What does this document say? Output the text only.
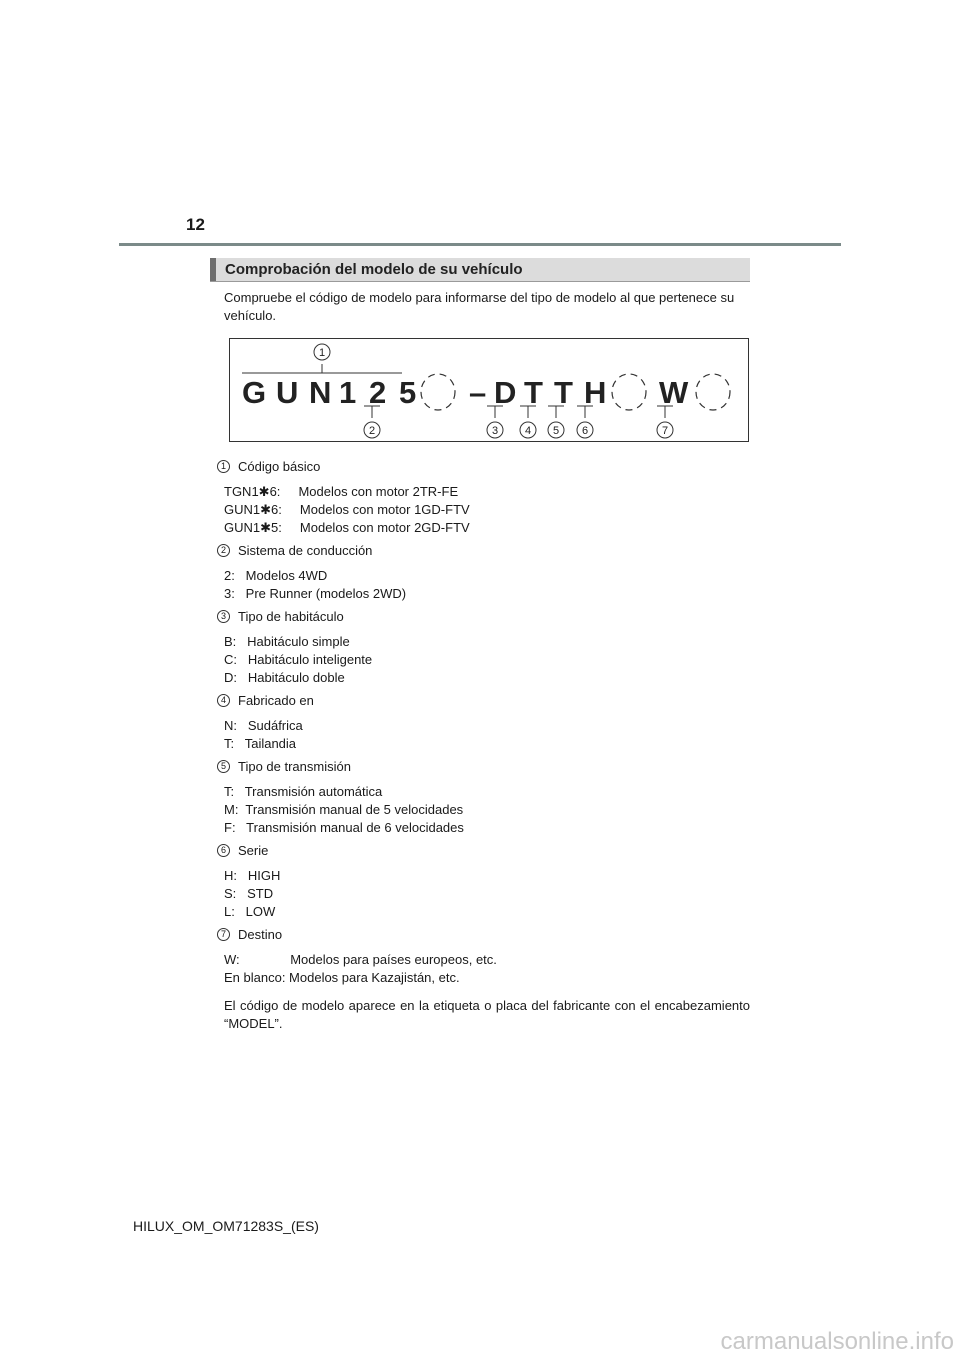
12
Comprobación del modelo de su vehículo
Compruebe el código de modelo para informarse del tipo de modelo al que pertenece su vehículo.
G U N 1 2 5 – D T T H W
1
2	3 4 5 6	7
1 Código básico
TGN1✱6:     Modelos con motor 2TR-FE
GUN1✱6:     Modelos con motor 1GD-FTV
GUN1✱5:     Modelos con motor 2GD-FTV
2 Sistema de conducción
2:   Modelos 4WD
3:   Pre Runner (modelos 2WD)
3 Tipo de habitáculo
B:   Habitáculo simple
C:   Habitáculo inteligente
D:   Habitáculo doble
4 Fabricado en
N:   Sudáfrica
T:   Tailandia
5 Tipo de transmisión
T:   Transmisión automática
M:  Transmisión manual de 5 velocidades
F:   Transmisión manual de 6 velocidades
6 Serie
H:   HIGH
S:   STD
L:   LOW
7 Destino
W:              Modelos para países europeos, etc.
En blanco: Modelos para Kazajistán, etc.
El código de modelo aparece en la etiqueta o placa del fabricante con el encabezamiento “MODEL”.
HILUX_OM_OM71283S_(ES)
carmanualsonline.info
